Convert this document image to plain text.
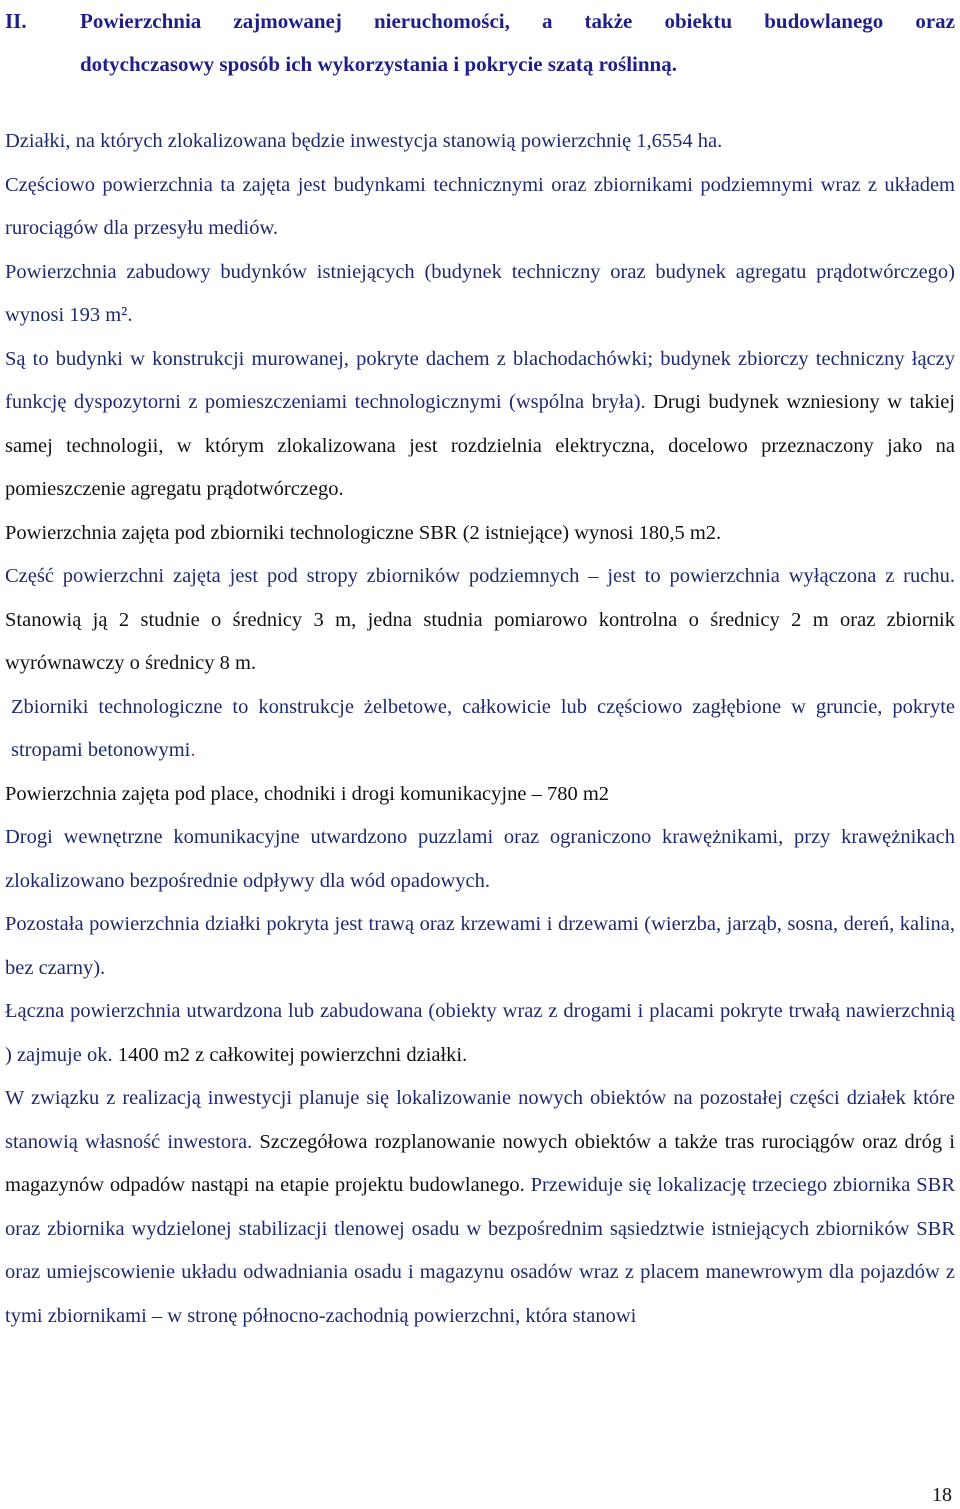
II.	Powierzchnia zajmowanej nieruchomości, a także obiektu budowlanego oraz
dotychczasowy sposób ich wykorzystania i pokrycie szatą roślinną.

Działki, na których zlokalizowana będzie inwestycja stanowią powierzchnię 1,6554 ha.

Częściowo powierzchnia ta zajęta jest budynkami technicznymi oraz zbiornikami podziemnymi wraz z układem rurociągów dla przesyłu mediów.

Powierzchnia zabudowy budynków istniejących (budynek techniczny oraz budynek agregatu prądotwórczego) wynosi 193 m².

Są to budynki w konstrukcji murowanej, pokryte dachem z blachodachówki; budynek zbiorczy techniczny łączy funkcję dyspozytorni z pomieszczeniami technologicznymi (wspólna bryła). Drugi budynek wzniesiony w takiej samej technologii, w którym zlokalizowana jest rozdzielnia elektryczna, docelowo przeznaczony jako na pomieszczenie agregatu prądotwórczego.

Powierzchnia zajęta pod zbiorniki technologiczne SBR (2 istniejące) wynosi 180,5 m2.

Część powierzchni zajęta jest pod stropy zbiorników podziemnych – jest to powierzchnia wyłączona z ruchu. Stanowią ją 2 studnie o średnicy 3 m, jedna studnia pomiarowo kontrolna o średnicy 2 m oraz zbiornik wyrównawczy o średnicy 8 m.

Zbiorniki technologiczne to konstrukcje żelbetowe, całkowicie lub częściowo zagłębione w gruncie, pokryte stropami betonowymi.

Powierzchnia zajęta pod place, chodniki i drogi komunikacyjne – 780 m2

Drogi wewnętrzne komunikacyjne utwardzono puzzlami oraz ograniczono krawężnikami, przy krawężnikach zlokalizowano bezpośrednie odpływy dla wód opadowych.

Pozostała powierzchnia działki pokryta jest trawą oraz krzewami i drzewami (wierzba, jarząb, sosna, dereń, kalina, bez czarny).

Łączna powierzchnia utwardzona lub zabudowana (obiekty wraz z drogami i placami pokryte trwałą nawierzchnią ) zajmuje ok. 1400 m2 z całkowitej powierzchni działki.

W związku z realizacją inwestycji planuje się lokalizowanie nowych obiektów na pozostałej części działek które stanowią własność inwestora. Szczegółowa rozplanowanie nowych obiektów a także tras rurociągów oraz dróg i magazynów odpadów nastąpi na etapie projektu budowlanego. Przewiduje się lokalizację trzeciego zbiornika SBR oraz zbiornika wydzielonej stabilizacji tlenowej osadu w bezpośrednim sąsiedztwie istniejących zbiorników SBR oraz umiejscowienie układu odwadniania osadu i magazynu osadów wraz z placem manewrowym dla pojazdów z tymi zbiornikami – w stronę północno-zachodnią powierzchni, która stanowi

18
